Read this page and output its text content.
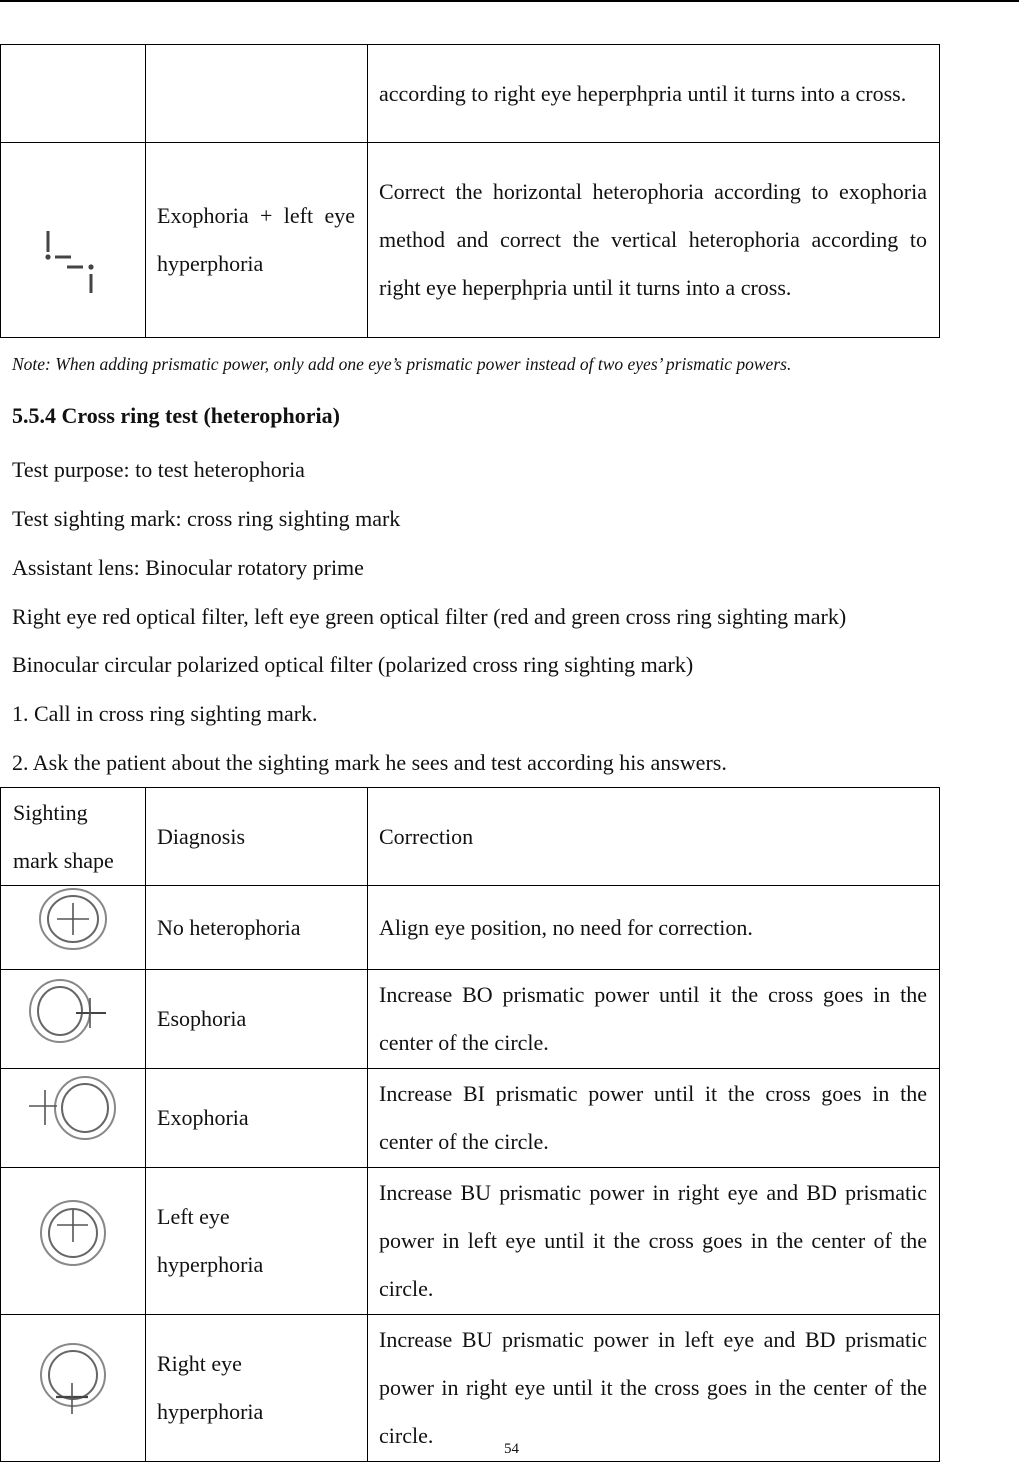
		according to right eye heperphpria until it turns into a cross.

	Exophoria + left eye hyperphoria	Correct the horizontal heterophoria according to exophoria method and correct the vertical heterophoria according to right eye heperphpria until it turns into a cross.
Note: When adding prismatic power, only add one eye’s prismatic power instead of two eyes’ prismatic powers.
5.5.4 Cross ring test (heterophoria)
Test purpose: to test heterophoria
Test sighting mark: cross ring sighting mark
Assistant lens: Binocular rotatory prime
Right eye red optical filter, left eye green optical filter (red and green cross ring sighting mark)
Binocular circular polarized optical filter (polarized cross ring sighting mark)
1. Call in cross ring sighting mark.
2. Ask the patient about the sighting mark he sees and test according his answers.
Sighting mark shape	Diagnosis	Correction

	No heterophoria	Align eye position, no need for correction.

	Esophoria	Increase BO prismatic power until it the cross goes in the center of the circle.

	Exophoria	Increase BI prismatic power until it the cross goes in the center of the circle.

	Left eye hyperphoria	Increase BU prismatic power in right eye and BD prismatic power in left eye until it the cross goes in the center of the circle.

	Right eye hyperphoria	Increase BU prismatic power in left eye and BD prismatic power in right eye until it the cross goes in the center of the circle.
54
